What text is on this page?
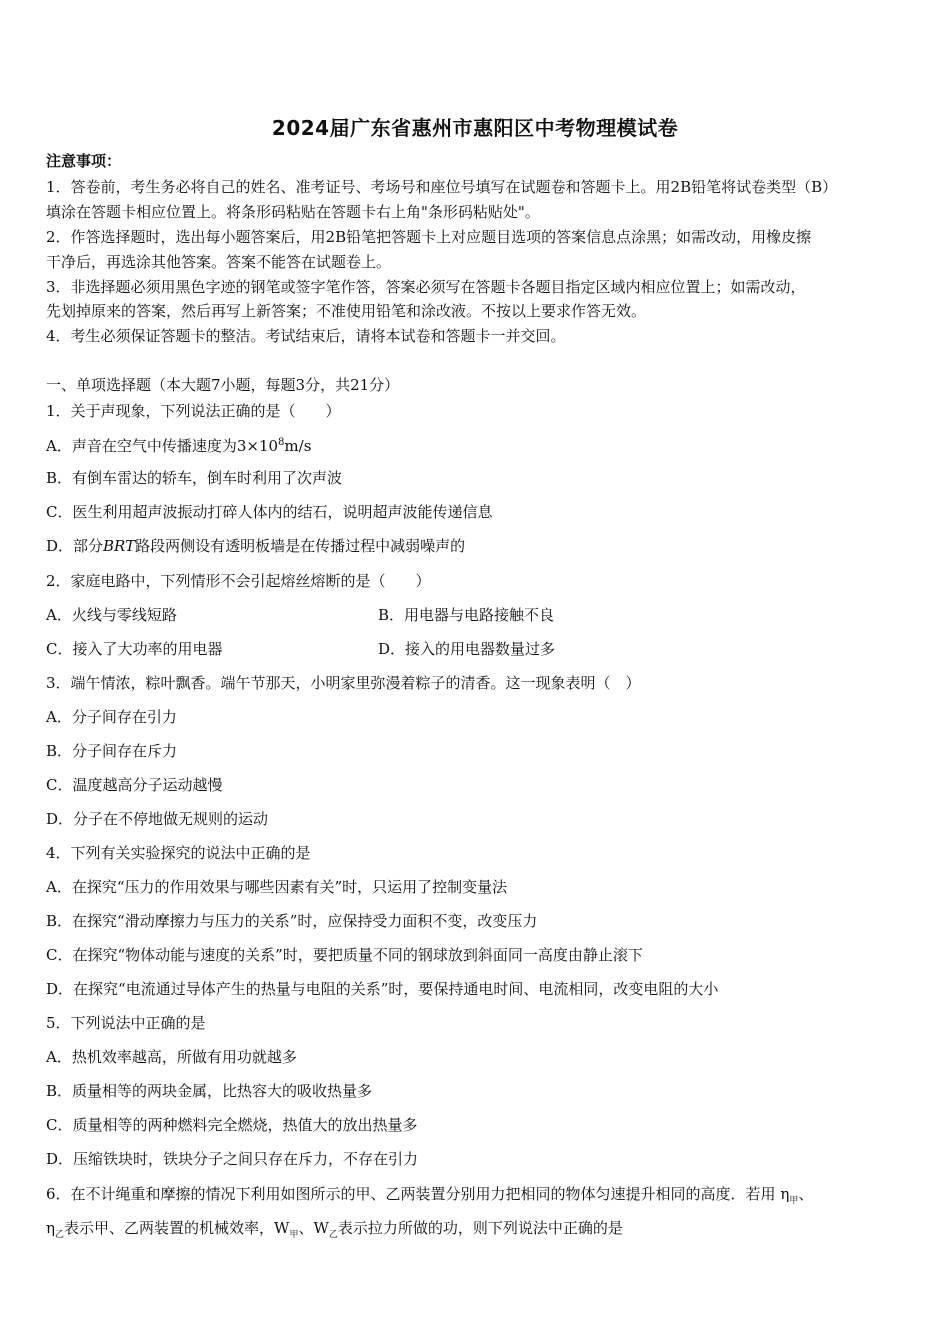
2024届广东省惠州市惠阳区中考物理模试卷
注意事项：
1．答卷前，考生务必将自己的姓名、准考证号、考场号和座位号填写在试题卷和答题卡上。用2B铅笔将试卷类型（B）
填涂在答题卡相应位置上。将条形码粘贴在答题卡右上角"条形码粘贴处"。
2．作答选择题时，选出每小题答案后，用2B铅笔把答题卡上对应题目选项的答案信息点涂黑；如需改动，用橡皮擦
干净后，再选涂其他答案。答案不能答在试题卷上。
3．非选择题必须用黑色字迹的钢笔或签字笔作答，答案必须写在答题卡各题目指定区域内相应位置上；如需改动，
先划掉原来的答案，然后再写上新答案；不准使用铅笔和涂改液。不按以上要求作答无效。
4．考生必须保证答题卡的整洁。考试结束后，请将本试卷和答题卡一并交回。
一、单项选择题（本大题7小题，每题3分，共21分）
1．关于声现象，下列说法正确的是（　　）
A．声音在空气中传播速度为$3\times 10^8m/s$
B．有倒车雷达的轿车，倒车时利用了次声波
C．医生利用超声波振动打碎人体内的结石，说明超声波能传递信息
D．部分BRT路段两侧设有透明板墙是在传播过程中减弱噪声的
2．家庭电路中，下列情形不会引起熔丝熔断的是（　　）
A．火线与零线短路	B．用电器与电路接触不良
C．接入了大功率的用电器	D．接入的用电器数量过多
3．端午情浓，粽叶飘香。端午节那天，小明家里弥漫着粽子的清香。这一现象表明（　）
A．分子间存在引力
B．分子间存在斥力
C．温度越高分子运动越慢
D．分子在不停地做无规则的运动
4．下列有关实验探究的说法中正确的是
A．在探究“压力的作用效果与哪些因素有关”时，只运用了控制变量法
B．在探究“滑动摩擦力与压力的关系”时，应保持受力面积不变，改变压力
C．在探究“物体动能与速度的关系”时，要把质量不同的钢球放到斜面同一高度由静止滚下
D．在探究“电流通过导体产生的热量与电阻的关系”时，要保持通电时间、电流相同，改变电阻的大小
5．下列说法中正确的是
A．热机效率越高，所做有用功就越多
B．质量相等的两块金属，比热容大的吸收热量多
C．质量相等的两种燃料完全燃烧，热值大的放出热量多
D．压缩铁块时，铁块分子之间只存在斥力，不存在引力
6．在不计绳重和摩擦的情况下利用如图所示的甲、乙两装置分别用力把相同的物体匀速提升相同的高度．若用 $\eta_甲$、
$\eta_乙$表示甲、乙两装置的机械效率，$W_甲$、$W_乙$表示拉力所做的功，则下列说法中正确的是
